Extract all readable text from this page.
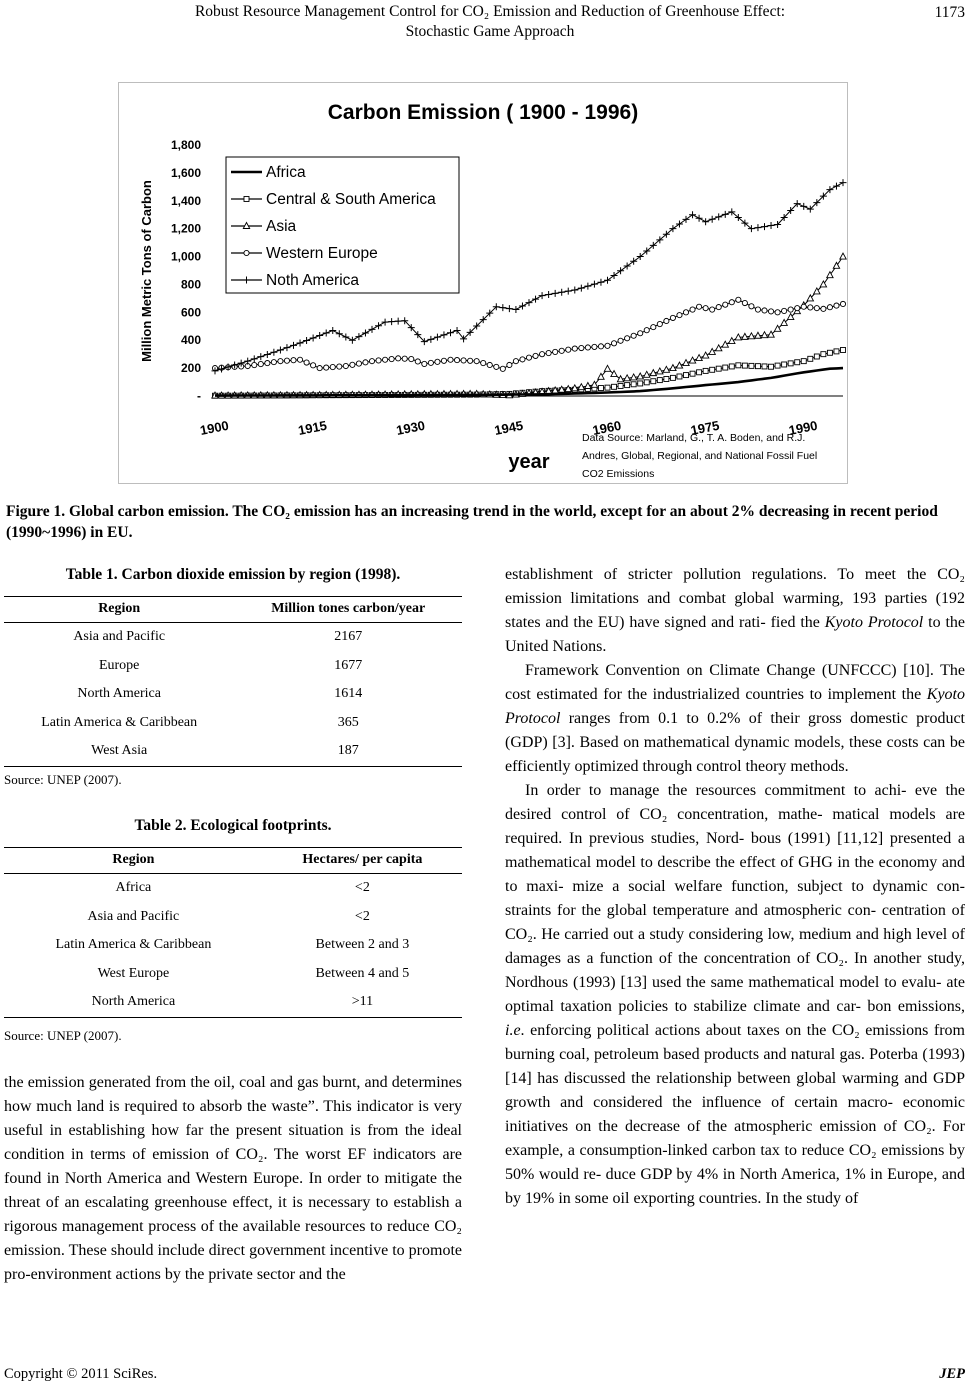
Robust Resource Management Control for CO₂ Emission and Reduction of Greenhouse Effect:
Stochastic Game Approach
1173
Carbon Emission ( 1900 - 1996)
-
200
400
600
800
1,000
1,200
1,400
1,600
1,800
Million Metric Tons of Carbon
1900	1915	1930	1945	1960	1975	1990
year
Data Source: Marland, G., T. A. Boden, and R.J.
Andres, Global, Regional, and National Fossil Fuel
CO2 Emissions
Africa
Central & South America
Asia
Western Europe
Noth America
Figure 1. Global carbon emission. The CO₂ emission has an increasing trend in the world, except for an about 2% decreasing in recent period (1990~1996) in EU.
Table 1. Carbon dioxide emission by region (1998).
Region	Million tones carbon/year
Asia and Pacific	2167
Europe	1677
North America	1614
Latin America & Caribbean	365
West Asia	187
Source: UNEP (2007).
Table 2. Ecological footprints.
Region	Hectares/ per capita
Africa	<2
Asia and Pacific	<2
Latin America & Caribbean	Between 2 and 3
West Europe	Between 4 and 5
North America	>11
Source: UNEP (2007).

the emission generated from the oil, coal and gas burnt, and determines how much land is required to absorb the waste”. This indicator is very useful in establishing how far the present situation is from the ideal condition in terms of emission of CO₂. The worst EF indicators are found in North America and Western Europe. In order to mitigate the threat of an escalating greenhouse effect, it is necessary to establish a rigorous management process of the available resources to reduce CO₂ emission. These should include direct government incentive to promote pro-environment actions by the private sector and the

establishment of stricter pollution regulations. To meet the CO₂ emission limitations and combat global warming, 193 parties (192 states and the EU) have signed and rati- fied the Kyoto Protocol to the United Nations.

Framework Convention on Climate Change (UNFCCC) [10]. The cost estimated for the industrialized countries to implement the Kyoto Protocol ranges from 0.1 to 0.2% of their gross domestic product (GDP) [3]. Based on mathematical dynamic models, these costs can be efficiently optimized through control theory methods.

In order to manage the resources commitment to achi- eve the desired control of CO₂ concentration, mathe- matical models are required. In previous studies, Nord- bous (1991) [11,12] presented a mathematical model to describe the effect of GHG in the economy and to maxi- mize a social welfare function, subject to dynamic con- straints for the global temperature and atmospheric con- centration of CO₂. He carried out a study considering low, medium and high level of damages as a function of the concentration of CO₂. In another study, Nordhous (1993) [13] used the same mathematical model to evalu- ate optimal taxation policies to stabilize climate and car- bon emissions, i.e. enforcing political actions about taxes on the CO₂ emissions from burning coal, petroleum based products and natural gas. Poterba (1993) [14] has discussed the relationship between global warming and GDP growth and considered the influence of certain macro- economic initiatives on the decrease of the atmospheric emission of CO₂. For example, a consumption-linked carbon tax to reduce CO₂ emissions by 50% would re- duce GDP by 4% in North America, 1% in Europe, and by 19% in some oil exporting countries. In the study of

Copyright © 2011 SciRes.	JEP
